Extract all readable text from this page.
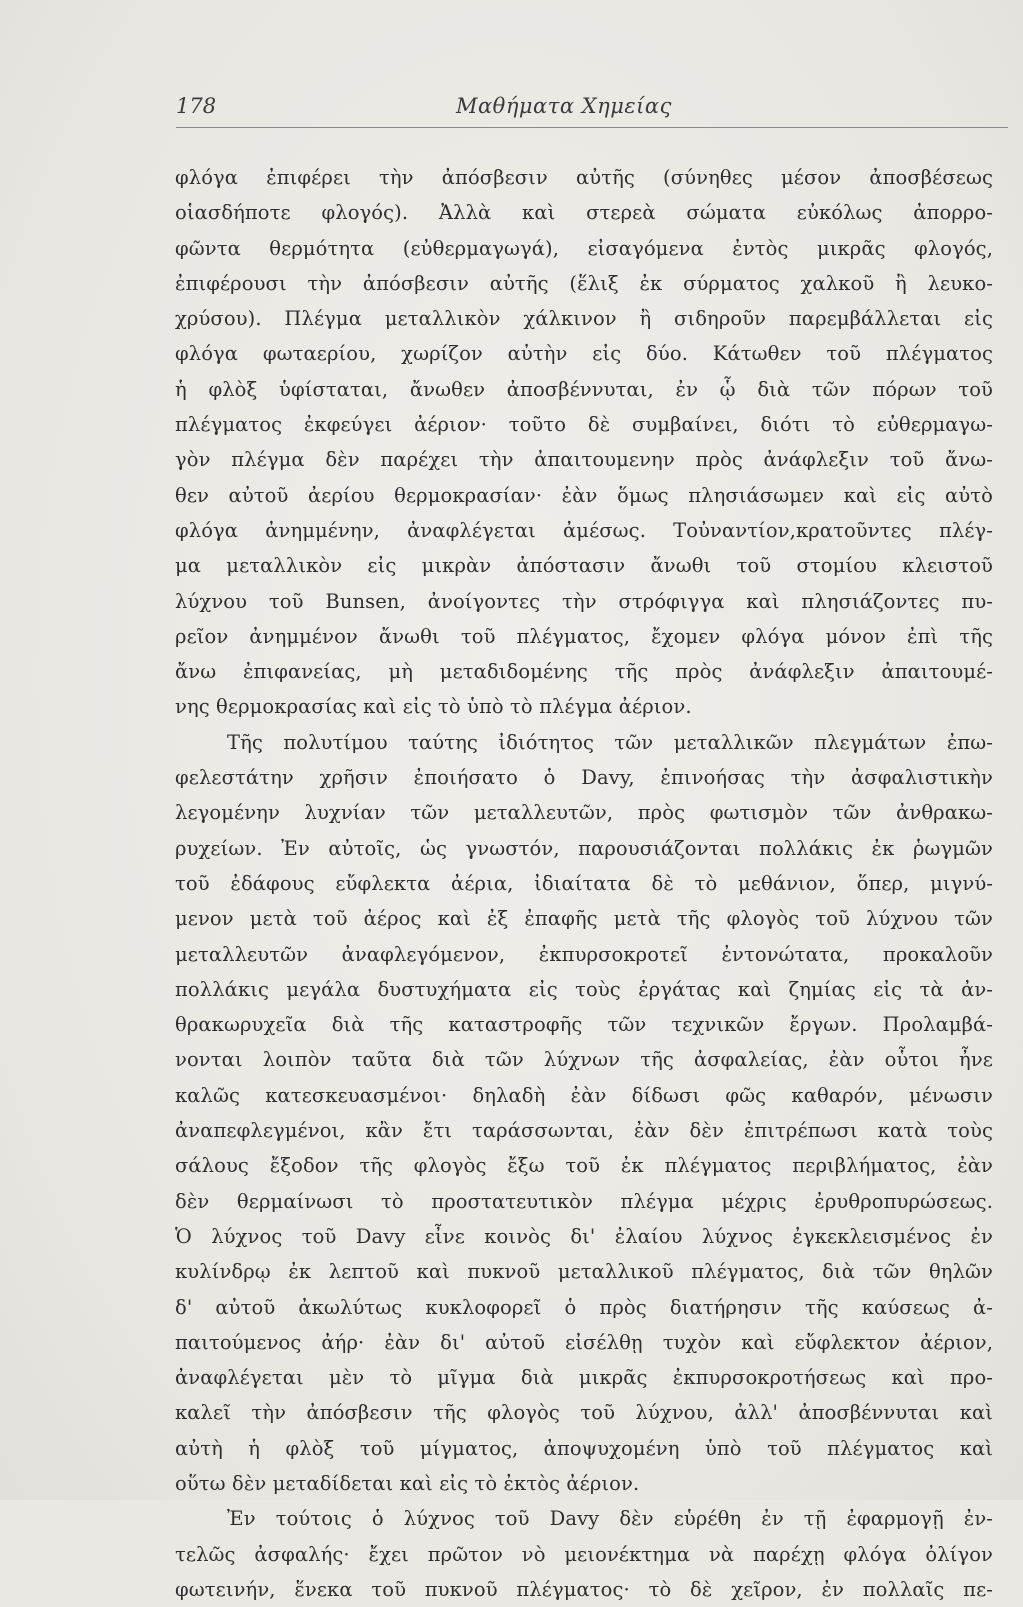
178	Μαθήματα Χημείας
φλόγα ἐπιφέρει τὴν ἀπόσβεσιν αὐτῆς (σύνηθες μέσον ἀποσβέσεως
οἱασδήποτε φλογός). Ἀλλὰ καὶ στερεὰ σώματα εὐκόλως ἀπορρο-
φῶντα θερμότητα (εὐθερμαγωγά), εἰσαγόμενα ἐντὸς μικρᾶς φλογός,
ἐπιφέρουσι τὴν ἀπόσβεσιν αὐτῆς (ἕλιξ ἐκ σύρματος χαλκοῦ ἢ λευκο-
χρύσου). Πλέγμα μεταλλικὸν χάλκινον ἢ σιδηροῦν παρεμβάλλεται εἰς
φλόγα φωταερίου, χωρίζον αὐτὴν εἰς δύο. Κάτωθεν τοῦ πλέγματος
ἡ φλὸξ ὑφίσταται, ἄνωθεν ἀποσβέννυται, ἐν ᾧ διὰ τῶν πόρων τοῦ
πλέγματος ἐκφεύγει ἀέριον· τοῦτο δὲ συμβαίνει, διότι τὸ εὐθερμαγω-
γὸν πλέγμα δὲν παρέχει τὴν ἀπαιτουμενην πρὸς ἀνάφλεξιν τοῦ ἄνω-
θεν αὐτοῦ ἀερίου θερμοκρασίαν· ἐὰν ὅμως πλησιάσωμεν καὶ εἰς αὐτὸ
φλόγα ἀνημμένην, ἀναφλέγεται ἀμέσως. Τοὐναντίον,κρατοῦντες πλέγ-
μα μεταλλικὸν εἰς μικρὰν ἀπόστασιν ἄνωθι τοῦ στομίου κλειστοῦ
λύχνου τοῦ Bunsen, ἀνοίγοντες τὴν στρόφιγγα καὶ πλησιάζοντες πυ-
ρεῖον ἀνημμένον ἄνωθι τοῦ πλέγματος, ἔχομεν φλόγα μόνον ἐπὶ τῆς
ἄνω ἐπιφανείας, μὴ μεταδιδομένης τῆς πρὸς ἀνάφλεξιν ἀπαιτουμέ-
νης θερμοκρασίας καὶ εἰς τὸ ὑπὸ τὸ πλέγμα ἀέριον.
Τῆς πολυτίμου ταύτης ἰδιότητος τῶν μεταλλικῶν πλεγμάτων ἐπω-
φελεστάτην χρῆσιν ἐποιήσατο ὁ Davy, ἐπινοήσας τὴν ἀσφαλιστικὴν
λεγομένην λυχνίαν τῶν μεταλλευτῶν, πρὸς φωτισμὸν τῶν ἀνθρακω-
ρυχείων. Ἐν αὐτοῖς, ὡς γνωστόν, παρουσιάζονται πολλάκις ἐκ ῥωγμῶν
τοῦ ἐδάφους εὔφλεκτα ἀέρια, ἰδιαίτατα δὲ τὸ μεθάνιον, ὅπερ, μιγνύ-
μενον μετὰ τοῦ ἀέρος καὶ ἐξ ἐπαφῆς μετὰ τῆς φλογὸς τοῦ λύχνου τῶν
μεταλλευτῶν ἀναφλεγόμενον, ἐκπυρσοκροτεῖ ἐντονώτατα, προκαλοῦν
πολλάκις μεγάλα δυστυχήματα εἰς τοὺς ἐργάτας καὶ ζημίας εἰς τὰ ἀν-
θρακωρυχεῖα διὰ τῆς καταστροφῆς τῶν τεχνικῶν ἔργων. Προλαμβά-
νονται λοιπὸν ταῦτα διὰ τῶν λύχνων τῆς ἀσφαλείας, ἐὰν οὗτοι ἦνε
καλῶς κατεσκευασμένοι· δηλαδὴ ἐὰν δίδωσι φῶς καθαρόν, μένωσιν
ἀναπεφλεγμένοι, κἂν ἔτι ταράσσωνται, ἐὰν δὲν ἐπιτρέπωσι κατὰ τοὺς
σάλους ἔξοδον τῆς φλογὸς ἔξω τοῦ ἐκ πλέγματος περιβλήματος, ἐὰν
δὲν θερμαίνωσι τὸ προστατευτικὸν πλέγμα μέχρις ἐρυθροπυρώσεως.
Ὁ λύχνος τοῦ Davy εἶνε κοινὸς δι' ἐλαίου λύχνος ἐγκεκλεισμένος ἐν
κυλίνδρῳ ἐκ λεπτοῦ καὶ πυκνοῦ μεταλλικοῦ πλέγματος, διὰ τῶν θηλῶν
δ' αὐτοῦ ἀκωλύτως κυκλοφορεῖ ὁ πρὸς διατήρησιν τῆς καύσεως ἀ-
παιτούμενος ἀήρ· ἐὰν δι' αὐτοῦ εἰσέλθῃ τυχὸν καὶ εὔφλεκτον ἀέριον,
ἀναφλέγεται μὲν τὸ μῖγμα διὰ μικρᾶς ἐκπυρσοκροτήσεως καὶ προ-
καλεῖ τὴν ἀπόσβεσιν τῆς φλογὸς τοῦ λύχνου, ἀλλ' ἀποσβέννυται καὶ
αὐτὴ ἡ φλὸξ τοῦ μίγματος, ἀποψυχομένη ὑπὸ τοῦ πλέγματος καὶ
οὕτω δὲν μεταδίδεται καὶ εἰς τὸ ἐκτὸς ἀέριον.
Ἐν τούτοις ὁ λύχνος τοῦ Davy δὲν εὑρέθη ἐν τῇ ἐφαρμογῇ ἐν-
τελῶς ἀσφαλής· ἔχει πρῶτον νὸ μειονέκτημα νὰ παρέχῃ φλόγα ὀλίγον
φωτεινήν, ἕνεκα τοῦ πυκνοῦ πλέγματος· τὸ δὲ χεῖρον, ἐν πολλαῖς πε-
